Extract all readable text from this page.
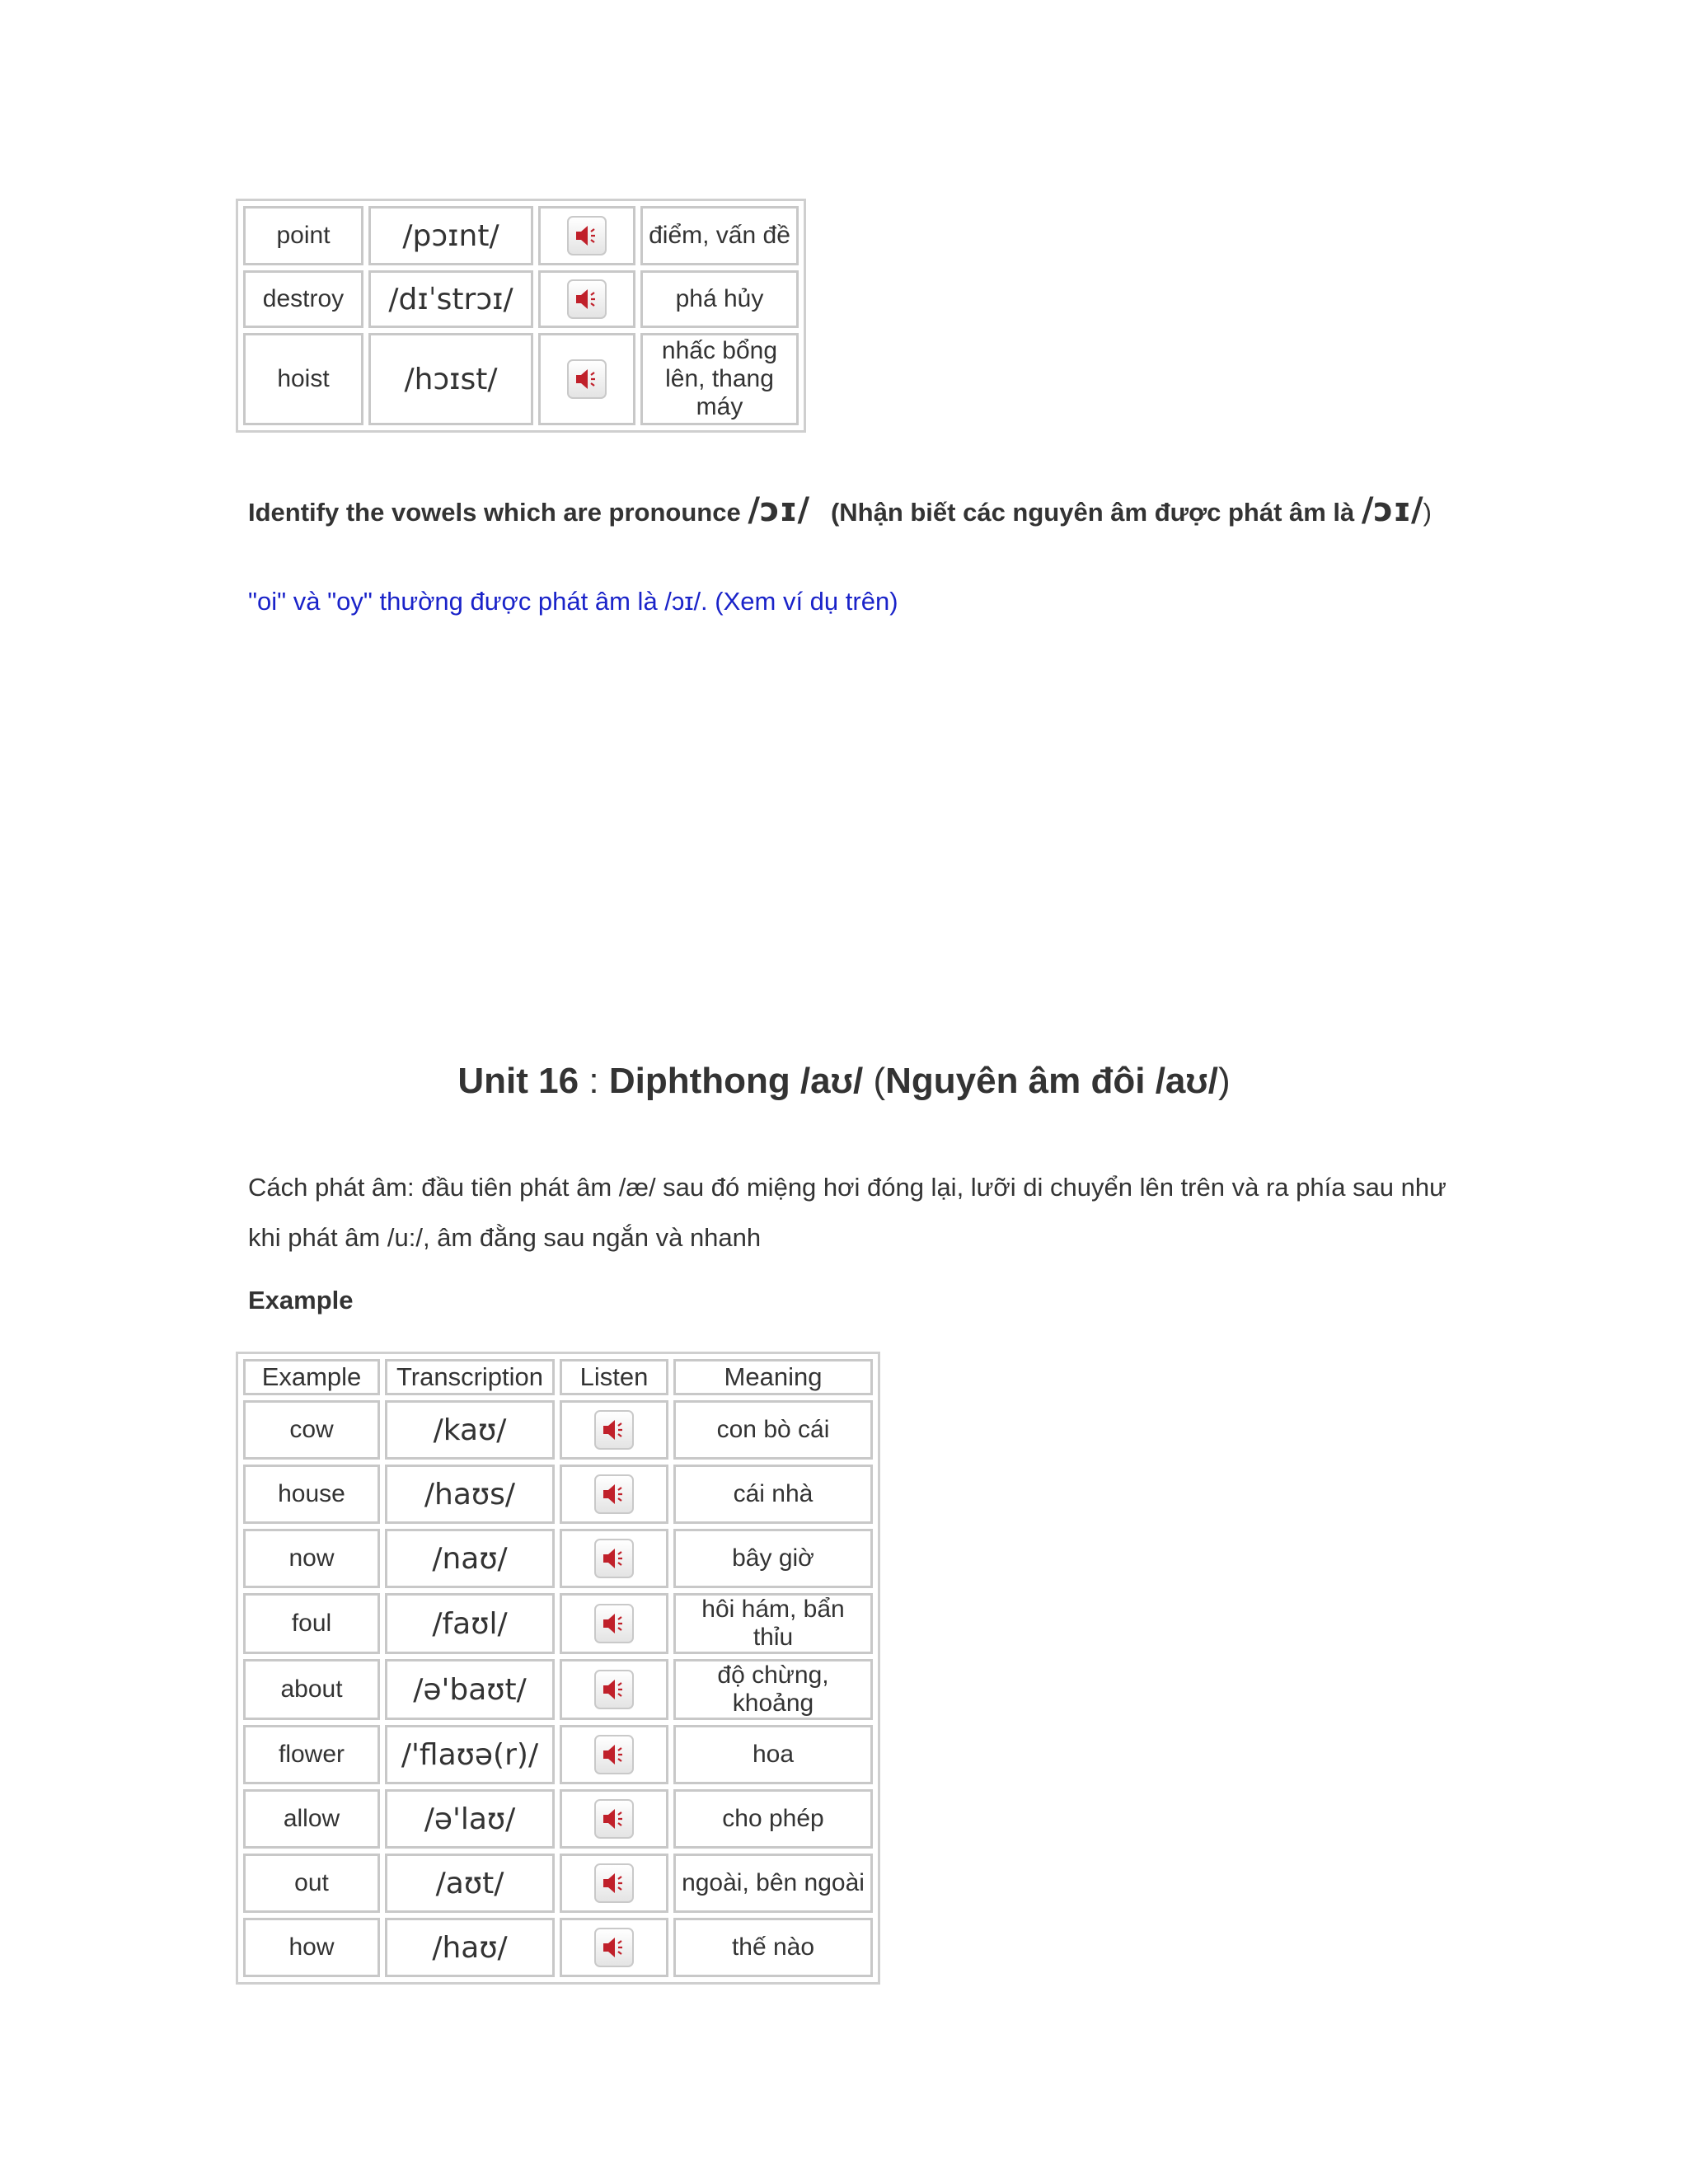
point	/pɔɪnt/		điểm, vấn đề
destroy	/dɪˈstrɔɪ/		phá hủy
hoist	/hɔɪst/		nhấc bổng lên, thang máy
Identify the vowels which are pronounce /ɔɪ/ (Nhận biết các nguyên âm được phát âm là /ɔɪ/)
"oi" và "oy" thường được phát âm là /ɔɪ/. (Xem ví dụ trên)
Unit 16 : Diphthong /aʊ/ (Nguyên âm đôi /aʊ/)
Cách phát âm: đầu tiên phát âm /æ/ sau đó miệng hơi đóng lại, lưỡi di chuyển lên trên và ra phía sau như khi phát âm /u:/, âm đằng sau ngắn và nhanh
Example
Example	Transcription	Listen	Meaning
cow	/kaʊ/		con bò cái
house	/haʊs/		cái nhà
now	/naʊ/		bây giờ
foul	/faʊl/		hôi hám, bẩn thỉu
about	/ə'baʊt/		độ chừng, khoảng
flower	/'flaʊə(r)/		hoa
allow	/ə'laʊ/		cho phép
out	/aʊt/		ngoài, bên ngoài
how	/haʊ/		thế nào
